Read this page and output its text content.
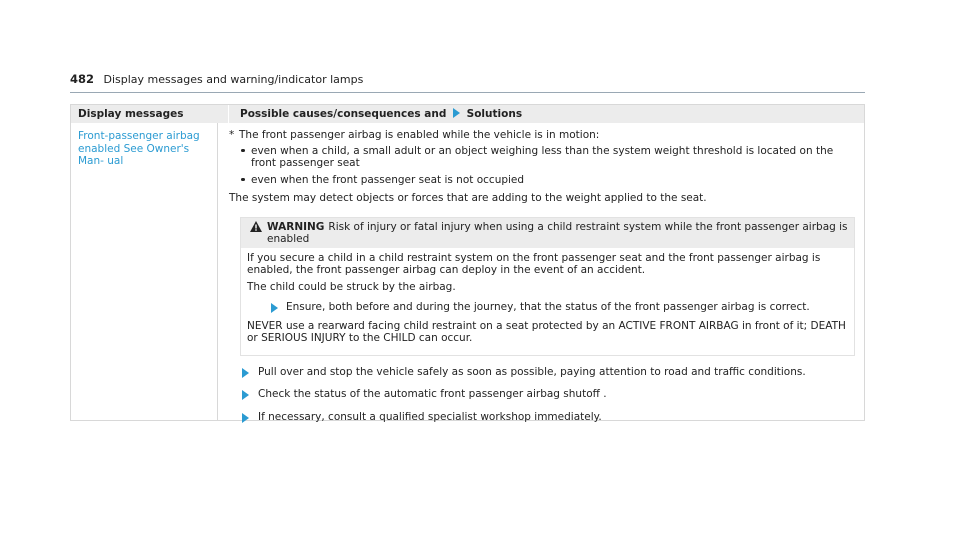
482 Display messages and warning/indicator lamps
Display messages	Possible causes/consequences and Solutions
Front-passenger airbag enabled See Owner's Man- ual
* The front passenger airbag is enabled while the vehicle is in motion:
even when a child, a small adult or an object weighing less than the system weight threshold is located on the front passenger seat
even when the front passenger seat is not occupied
The system may detect objects or forces that are adding to the weight applied to the seat.
WARNING Risk of injury or fatal injury when using a child restraint system while the front passenger airbag is enabled

If you secure a child in a child restraint system on the front passenger seat and the front passenger airbag is enabled, the front passenger airbag can deploy in the event of an accident.

The child could be struck by the airbag.

Ensure, both before and during the journey, that the status of the front passenger airbag is correct.

NEVER use a rearward facing child restraint on a seat protected by an ACTIVE FRONT AIRBAG in front of it; DEATH or SERIOUS INJURY to the CHILD can occur.

Pull over and stop the vehicle safely as soon as possible, paying attention to road and traffic conditions.
Check the status of the automatic front passenger airbag shutoff .
If necessary, consult a qualified specialist workshop immediately.
